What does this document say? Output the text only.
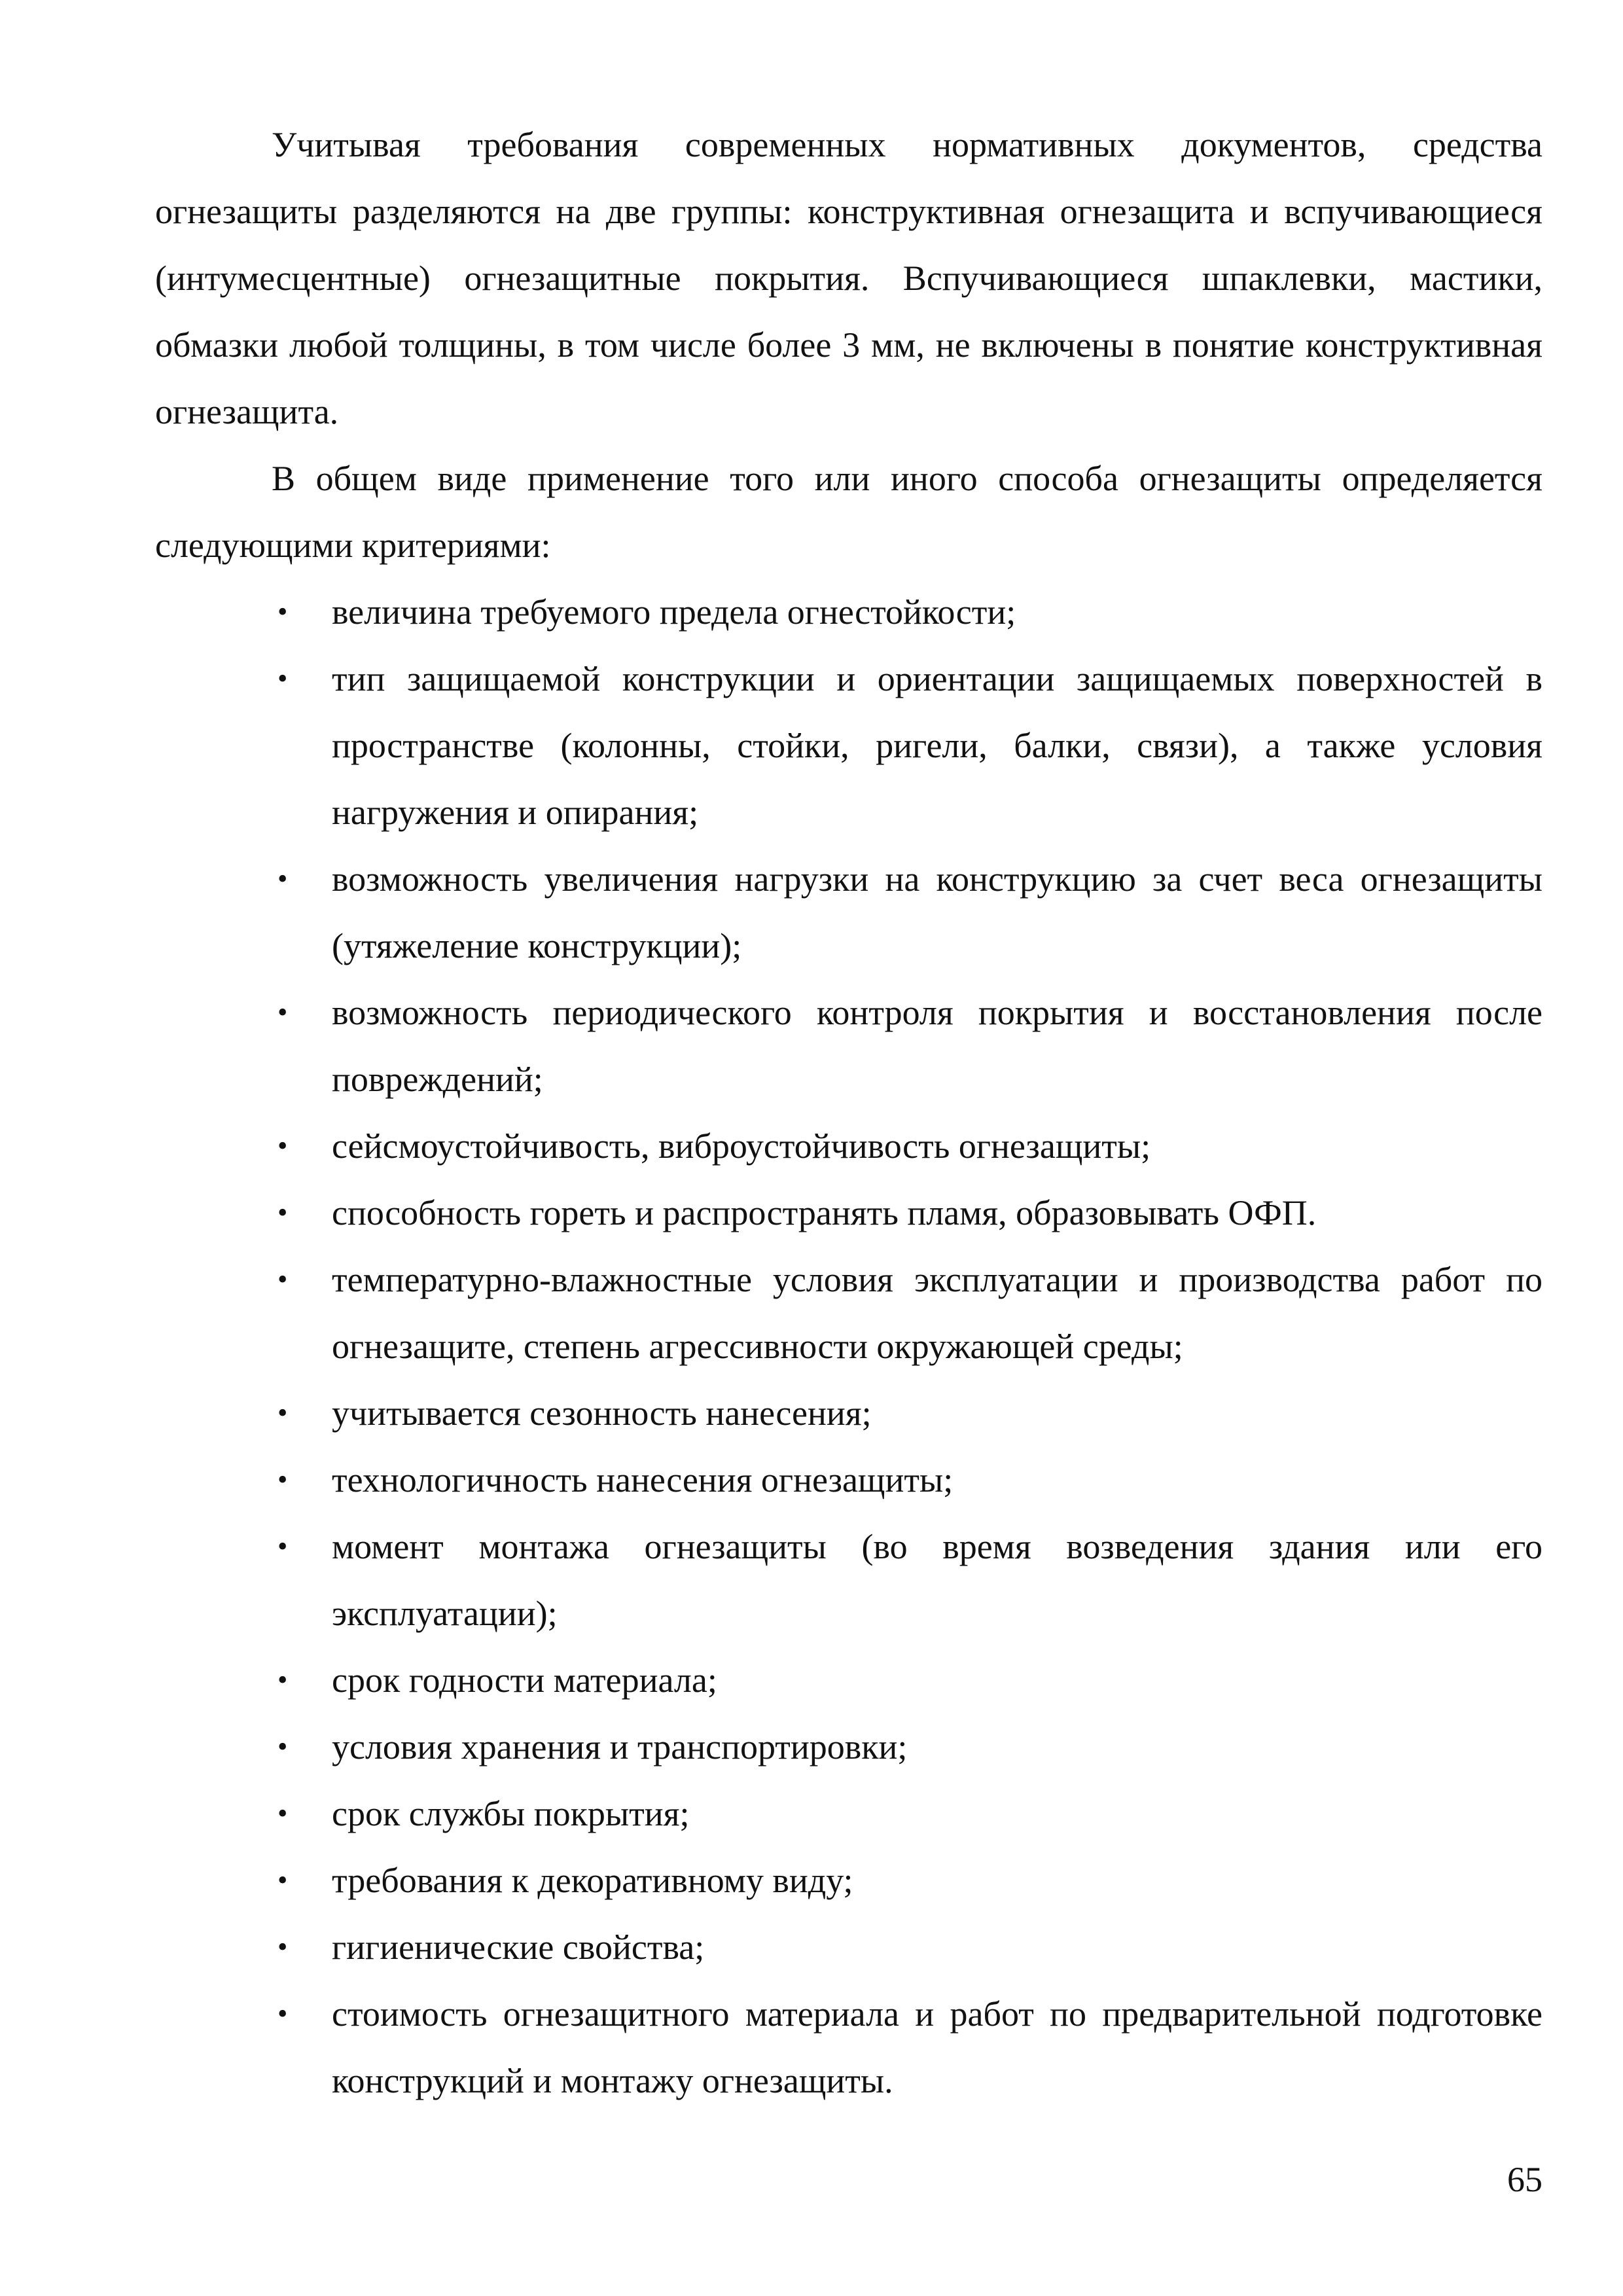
Учитывая требования современных нормативных документов, средства огнезащиты разделяются на две группы: конструктивная огнезащита и вспучивающиеся (интумесцентные) огнезащитные покрытия. Вспучивающиеся шпаклевки, мастики, обмазки любой толщины, в том числе более 3 мм, не включены в понятие конструктивная огнезащита.

В общем виде применение того или иного способа огнезащиты определяется следующими критериями:

•	величина требуемого предела огнестойкости;
•	тип защищаемой конструкции и ориентации защищаемых поверхностей в пространстве (колонны, стойки, ригели, балки, связи), а также условия нагружения и опирания;
•	возможность увеличения нагрузки на конструкцию за счет веса огнезащиты (утяжеление конструкции);
•	возможность периодического контроля покрытия и восстановления после повреждений;
•	сейсмоустойчивость, виброустойчивость огнезащиты;
•	способность гореть и распространять пламя, образовывать ОФП.
•	температурно-влажностные условия эксплуатации и производства работ по огнезащите, степень агрессивности окружающей среды;
•	учитывается сезонность нанесения;
•	технологичность нанесения огнезащиты;
•	момент монтажа огнезащиты (во время возведения здания или его эксплуатации);
•	срок годности материала;
•	условия хранения и транспортировки;
•	срок службы покрытия;
•	требования к декоративному виду;
•	гигиенические свойства;
•	стоимость огнезащитного материала и работ по предварительной подготовке конструкций и монтажу огнезащиты.
65
